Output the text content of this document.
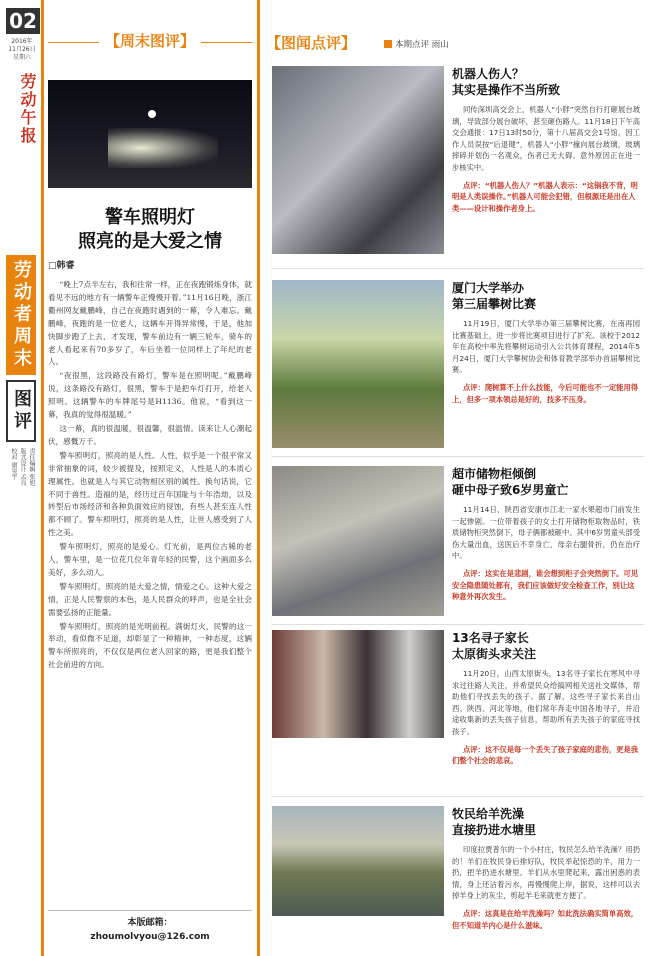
02
2016年
11月26日
星期六
劳动午报
劳动者周末
图评
责任编辑 张旭
版式设计 孟良
校对 康昊宇
【周末图评】
警车照明灯
照亮的是大爱之情
□韩睿

“晚上7点半左右，我和往常一样，正在夜跑锻炼身体，就看见不远的地方有一辆警车正慢慢开着。”11月16日晚，浙江衢州网友戴鹏峰，自己在夜跑时遇到的一幕，令人难忘。戴鹏峰，夜跑的是一位老人，这辆车开得异常慢，于是，他加快脚步跑了上去，才发现，警车前边有一辆三轮车，骑车的老人看起来有70多岁了，车后坐着一位同样上了年纪的老人。

“夜很黑，这段路没有路灯，警车是在照明呢。”戴鹏峰说，这条路没有路灯，很黑，警车于是把车灯打开，给老人照明。这辆警车的车牌尾号是H1136。他说，“看到这一幕，我真的觉得很温暖。”

这一幕，真的很温暖，很温馨，很温情。读来让人心潮起伏，感慨万千。

警车照明灯，照亮的是人性。人性，似乎是一个很平常又非常抽象的词，较少被提及，按照定义，人性是人的本质心理属性。也就是人与其它动物相区别的属性。换句话说，它不同于兽性。造福的是，经历过百年国耻与十年浩劫，以及转型后市场经济和各种负面效应的侵蚀，有些人甚至连人性都不顾了。警车照明灯，照亮的是人性，让世人感受到了人性之美。

警车照明灯，照亮的是爱心。灯光前，是两位古稀的老人，警车里，是一位花几位年青年轻的民警，这个画面多么美好，多么动人。

警车照明灯，照亮的是大爱之情，情爱之心。这种大爱之情，正是人民警察的本色，是人民群众的呼声，也是全社会需要弘扬的正能量。

警车照明灯，照亮的是光明前程。满街灯火，民警的这一举动，看似微不足道，却彰显了一种精神，一种态度，这辆警车所照亮的，不仅仅是两位老人回家的路，更是我们整个社会前进的方向。

本版邮箱：
zhoumolvyou@126.com
【图闻点评】	本期点评 雨山
机器人伤人？
其实是操作不当所致
同传深圳高交会上，机器人“小胖”突然自行打砸展台玻璃，导致部分展台破坏，甚至砸伤路人。11月18日下午高交会通报：17日13时50分，第十八届高交会1号馆，因工作人员误按“后退键”，机器人“小胖”撞向展台玻璃，玻璃摔碎并划伤一名观众，伤者已无大碍。意外原因正在进一步核实中。
点评：“机器人伤人？”机器人表示：“这锅我不背，明明是人类误操作。”机器人可能会犯错，但根源还是出在人类——设计和操作者身上。
厦门大学举办
第三届攀树比赛
11月19日，厦门大学举办第三届攀树比赛，在南再园比赛基础上，进一步将比赛项目进行了扩充。该校于2012年在高校中率先将攀树运动引入公共体育课程，2014年5月24日，厦门大学攀树协会和体育教学部举办首届攀树比赛。
点评：爬树算不上什么技能，今后可能也不一定能用得上，但多一项本领总是好的，技多不压身。
超市储物柜倾倒
砸中母子致6岁男童亡
11月14日，陕西省安康市江北一家水果超市门前发生一起惨剧。一位带着孩子的女士打开储物柜取物品时，铁质储物柜突然倒下，母子俩都被砸中。其中6岁男童头部受伤大量出血，送医后不幸身亡，母亲右腿骨折，仍在治疗中。
点评：这实在是悲剧，谁会想到柜子会突然倒下。可见安全隐患随处都有，我们应该做好安全检查工作，别让这种意外再次发生。
13名寻子家长
太原街头求关注
11月20日，山西太原街头，13名寻子家长在寒风中寻求过往路人关注，并希望民众给搞网相关送社交媒体，帮助他们寻找丢失的孩子。据了解，这些寻子家长来自山西、陕西、河北等地，他们常年奔走中国各地寻子，并沿途收集新的丢失孩子信息，帮助所有丢失孩子的家庭寻找孩子。
点评：这不仅是每一个丢失了孩子家庭的悲伤，更是我们整个社会的悲哀。
牧民给羊洗澡
直接扔进水塘里
印度拉贾普尔的一个小村庄，牧民怎么给羊洗澡？用扔的！羊们在牧民身后排好队，牧民举起惊恐的羊，用力一扔，把羊扔进水塘里。羊们从水里爬起来，露出困惑的表情，身上还沾着污水，再慢慢爬上岸，据说，这样可以去掉羊身上的灰尘，剪起羊毛来就更方便了。
点评：这真是在给羊洗澡吗？如此洗法确实简单高效，但不知道羊内心是什么滋味。
